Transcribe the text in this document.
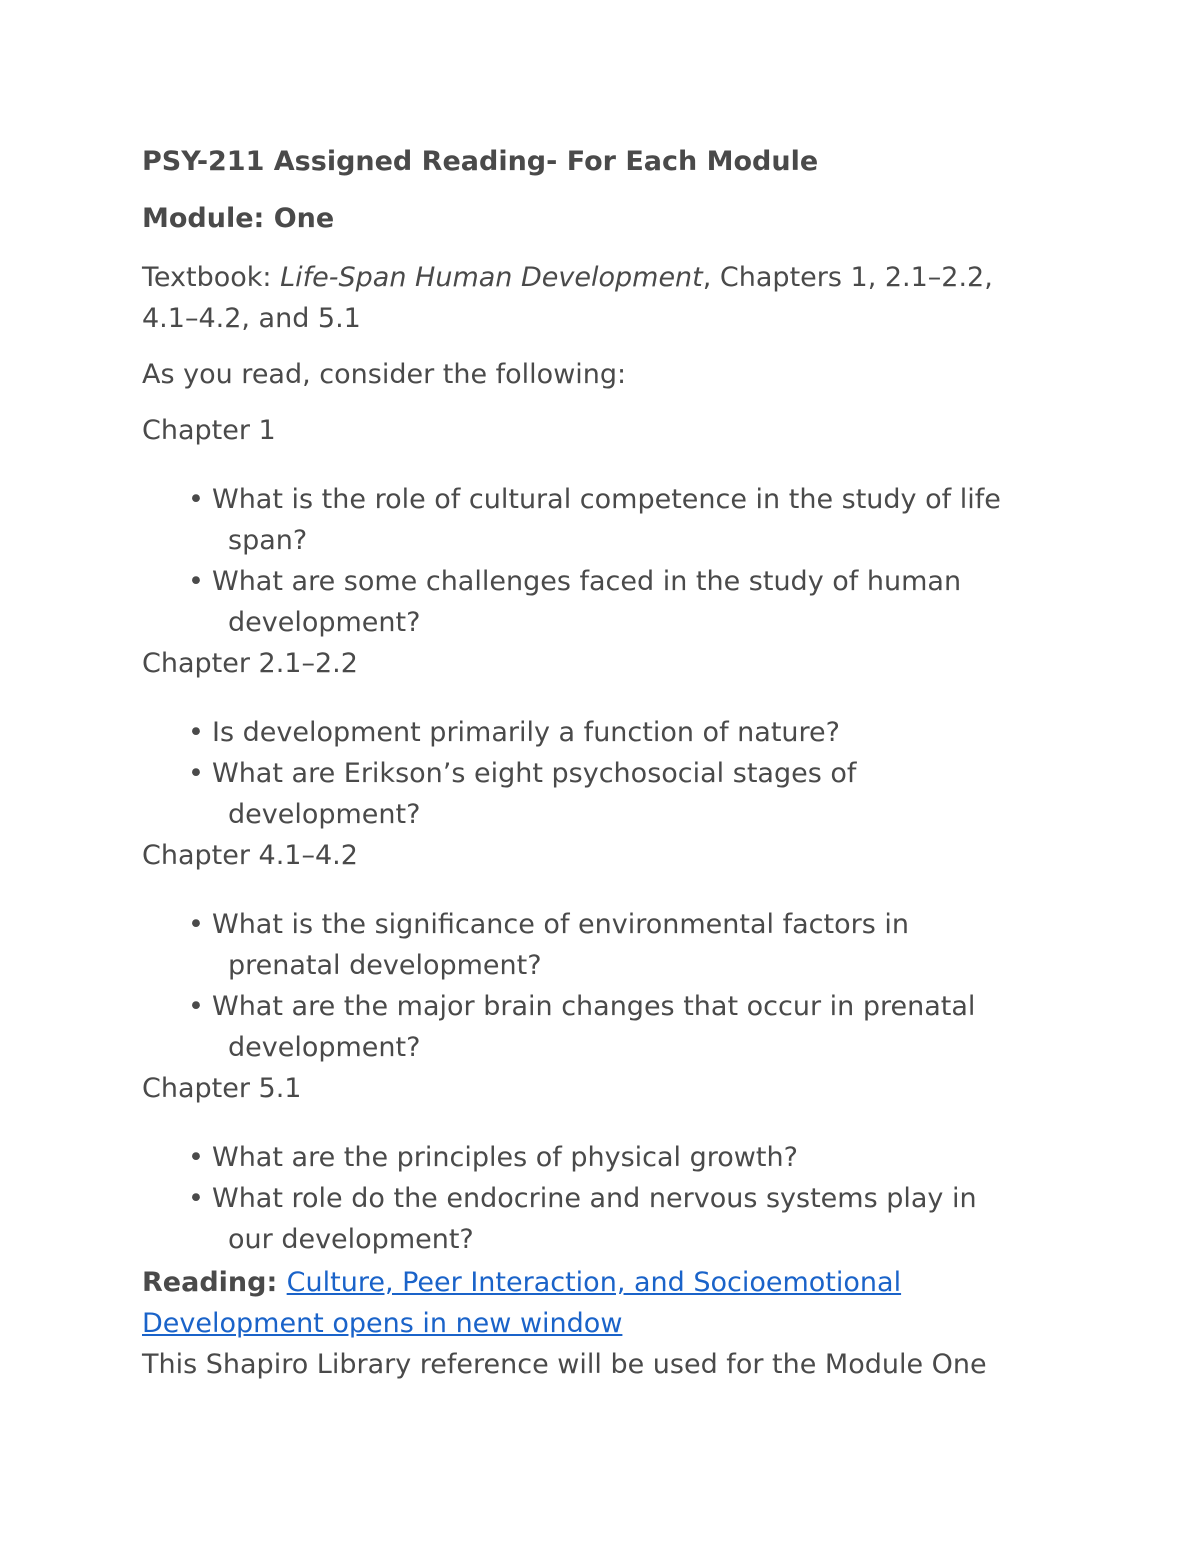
PSY-211 Assigned Reading- For Each Module
Module: One
Textbook: Life-Span Human Development, Chapters 1, 2.1–2.2,
4.1–4.2, and 5.1
As you read, consider the following:
Chapter 1
• What is the role of cultural competence in the study of life
span?
• What are some challenges faced in the study of human
development?
Chapter 2.1–2.2
• Is development primarily a function of nature?
• What are Erikson’s eight psychosocial stages of
development?
Chapter 4.1–4.2
• What is the significance of environmental factors in
prenatal development?
• What are the major brain changes that occur in prenatal
development?
Chapter 5.1
• What are the principles of physical growth?
• What role do the endocrine and nervous systems play in
our development?
Reading: Culture, Peer Interaction, and Socioemotional
Development opens in new window
This Shapiro Library reference will be used for the Module One
